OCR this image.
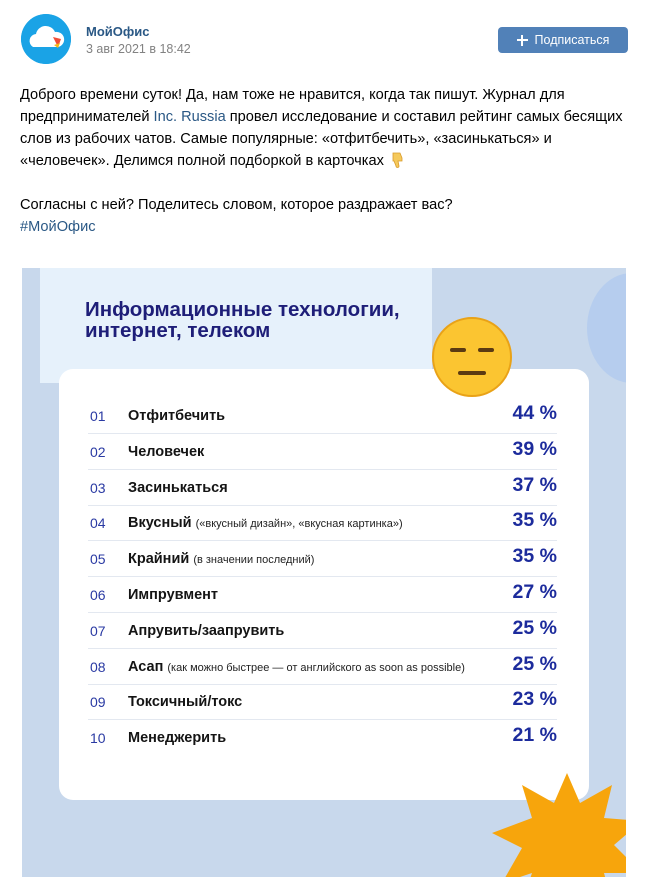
МойОфис
3 авг 2021 в 18:42
Подписаться
Доброго времени суток! Да, нам тоже не нравится, когда так пишут. Журнал для предпринимателей Inc. Russia провел исследование и составил рейтинг самых бесящих слов из рабочих чатов. Самые популярные: «отфитбечить», «засинькаться» и «человечек». Делимся полной подборкой в карточках
Согласны с ней? Поделитесь словом, которое раздражает вас?
#МойОфис
Информационные технологии, интернет, телеком
01 Отфитбечить	44 %
02 Человечек	39 %
03 Засинькаться	37 %
04 Вкусный («вкусный дизайн», «вкусная картинка»)	35 %
05 Крайний (в значении последний)	35 %
06 Импрувмент	27 %
07 Апрувить/заапрувить	25 %
08 Асап (как можно быстрее — от английского as soon as possible) 25 %
09 Токсичный/токс	23 %
10 Менеджерить	21 %
